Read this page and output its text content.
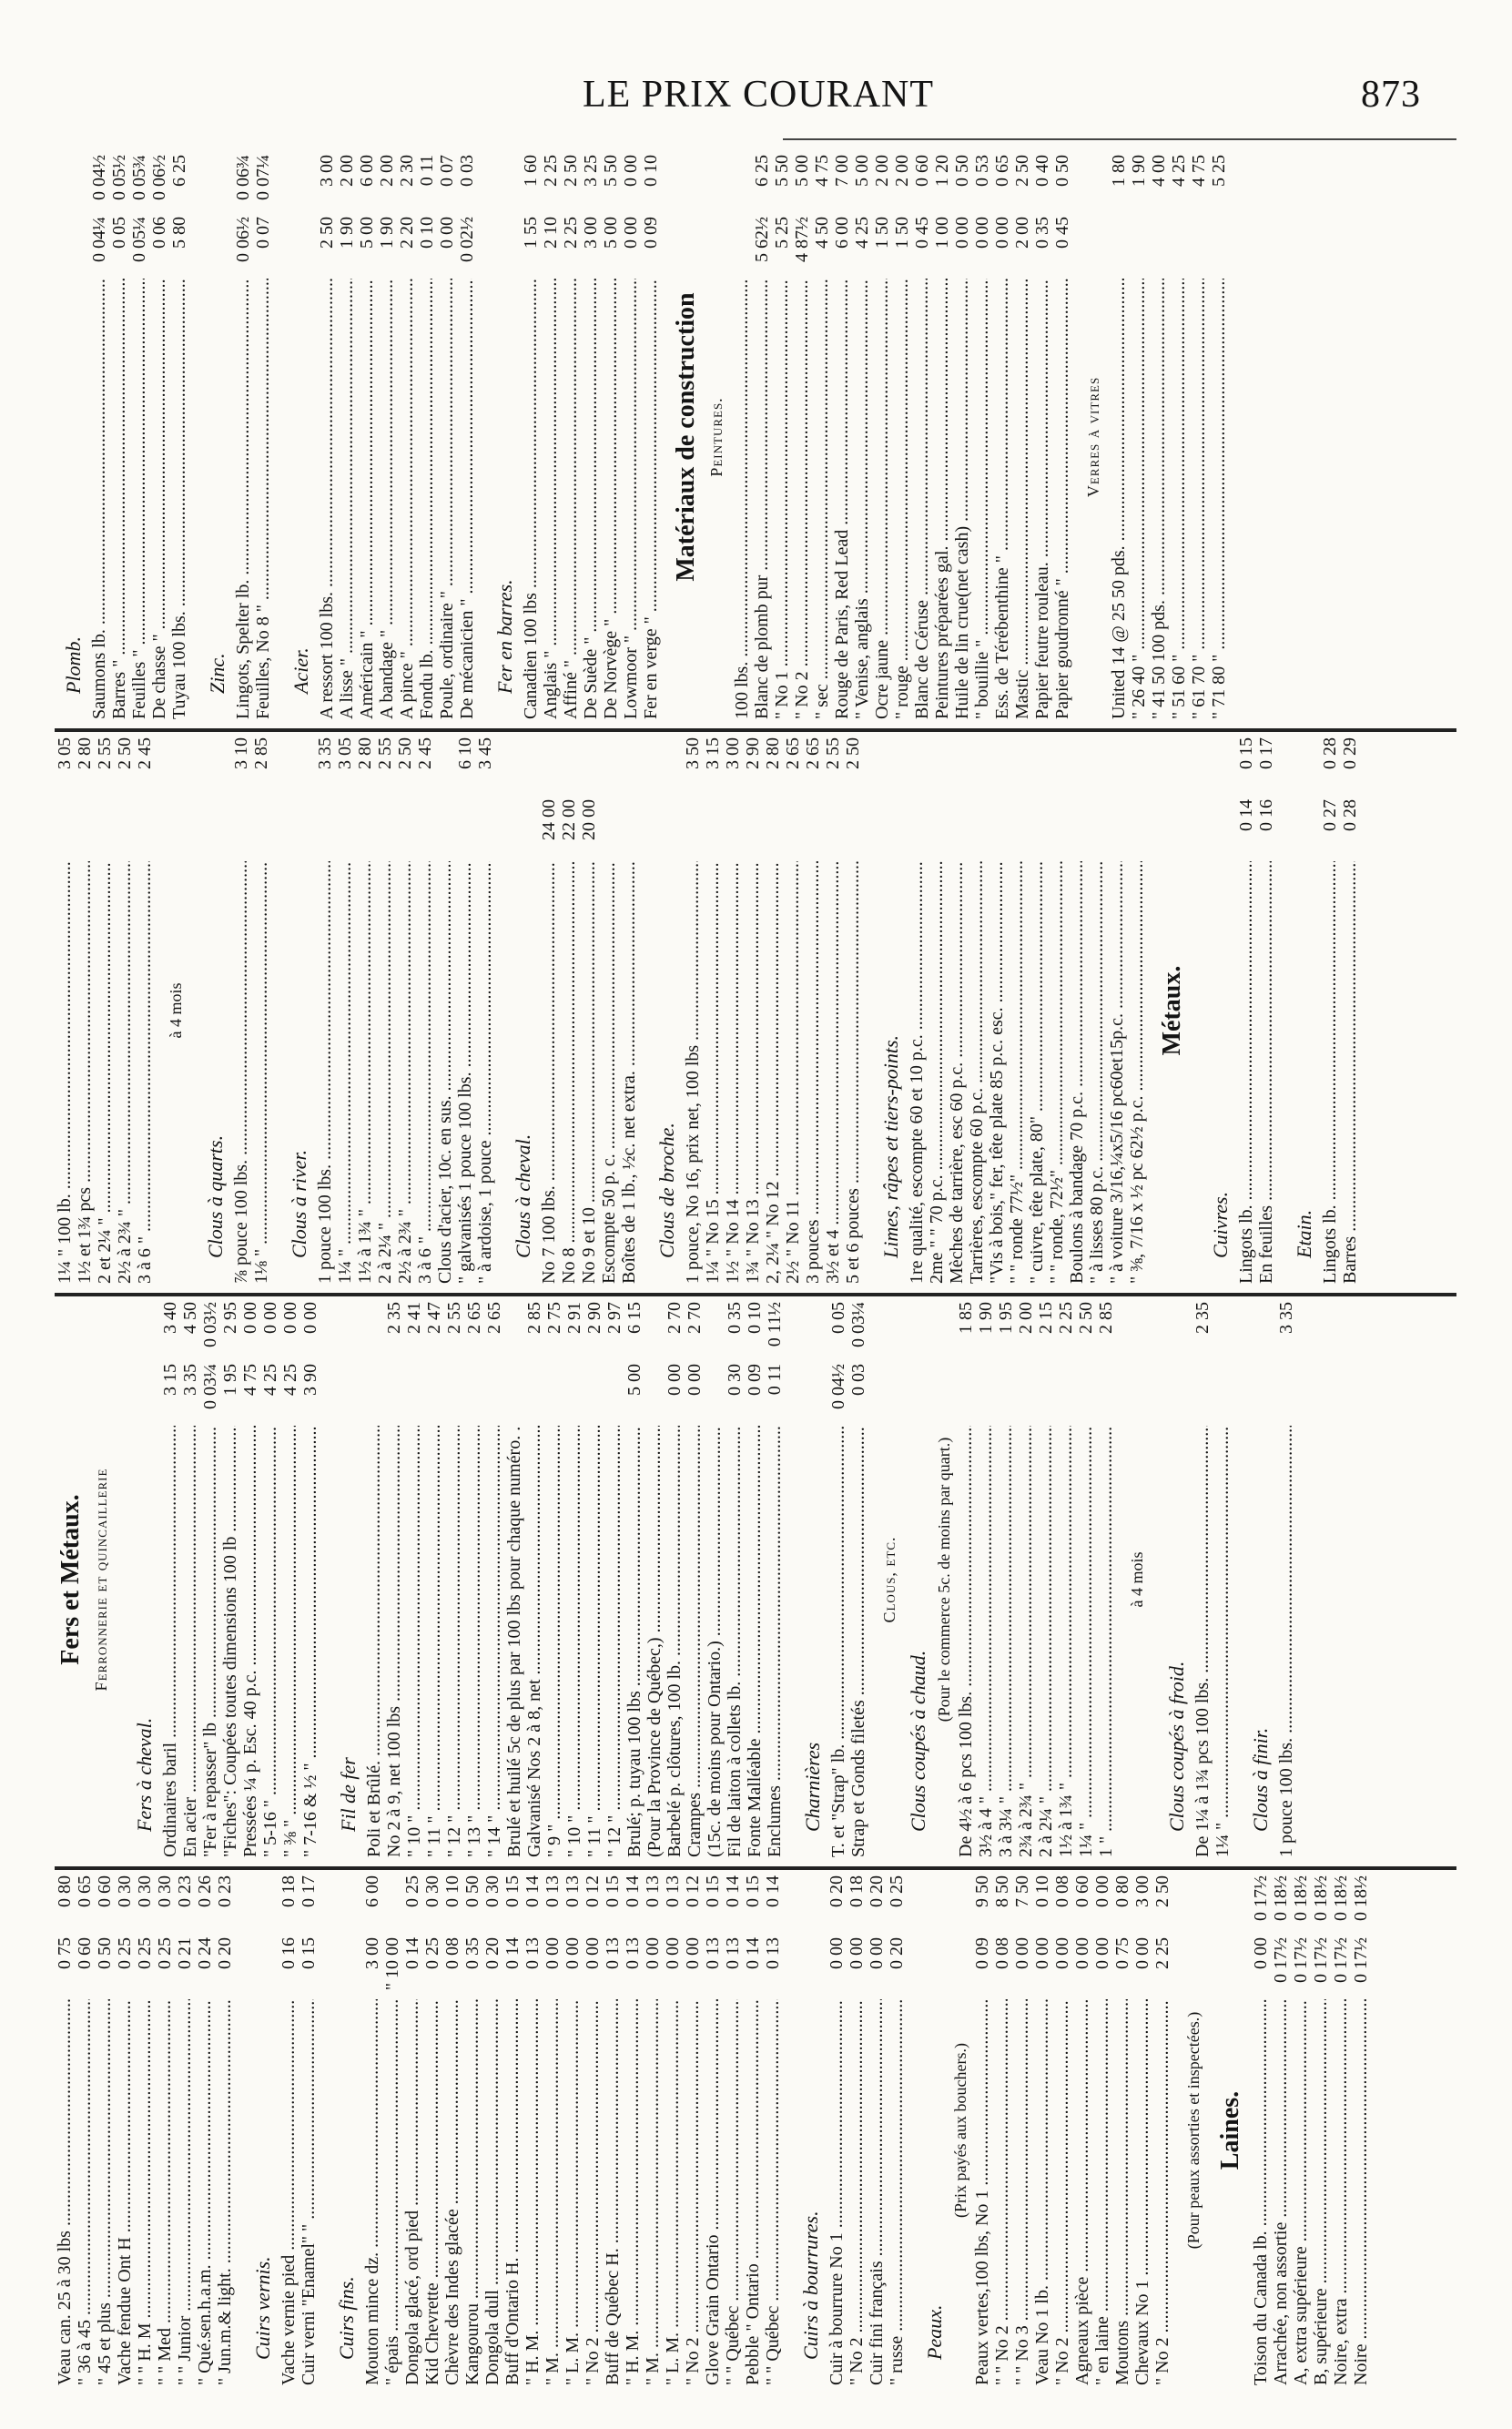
LE PRIX COURANT	873
Veau can. 25 à 30 lbs .....
0 75
0 80
" 36 à 45 .....
0 60
0 65
" 45 et plus .....
0 50
0 60
Vache fendue Ont H .....
0 25
0 30
" " H. M .....
0 25
0 30
" " Med .....
0 25
0 30
" " Junior .....
0 21
0 23
" Qué.sen.h.a.m. .....
0 24
0 26
" Jun.m.& light. .....
0 20
0 23
Cuirs vernis. Vache vernie pied .....
0 16
0 18
Cuir verni "Enamel" " .....
0 15
0 17
Cuirs fins. Mouton mince dz. .....
3 00
6 00
" épais .....
" 10 00
Dongola glacé, ord pied .....
0 14
0 25
Kid Chevrette .....
0 25
0 30
Chèvre des Indes glacée .....
0 08
0 10
Kangourou .....
0 35
0 50
Dongola dull .....
0 20
0 30
Buff d'Ontario H. .....
0 14
0 15
" H. M. .....
0 13
0 14
" M. .....
0 00
0 13
" L. M. .....
0 00
0 13
" No 2 .....
0 00
0 12
Buff de Québec H. .....
0 13
0 15
" H. M. .....
0 13
0 14
" M. .....
0 00
0 13
" L. M. .....
0 00
0 13
" No 2 .....
0 00
0 12
Glove Grain Ontario .....
0 13
0 15
" " Québec .....
0 13
0 14
Pebble " Ontario .....
0 14
0 15
" " Québec .....
0 13
0 14
Cuirs à bourrures. Cuir à bourrure No 1 .....
0 00
0 20
" No 2 .....
0 00
0 18
Cuir fini français .....
0 00
0 20
" russe .....
0 20
0 25
Peaux.
(Prix payés aux bouchers.)
Peaux vertes,100 lbs, No 1 .....
0 09
9 50
" " No 2 .....
0 08
8 50
" " No 3 .....
0 00
7 50
Veau No 1 lb. .....
0 00
0 10
" No 2 .....
0 00
0 08
Agneaux pièce .....
0 00
0 60
" en laine .....
0 00
0 00
Moutons .....
0 75
0 80
Chevaux No 1 .....
0 00
3 00
" No 2 .....
2 25
2 50
(Pour peaux assorties et inspectées.) Laines.
Toison du Canada lb. .....
0 00
0 17½
Arrachée, non assortie .....
0 17½
0 18½
A, extra supérieure .....
0 17½
0 18½
B, supérieure .....
0 17½
0 18½
Noire, extra .....
0 17½
0 18½
Noire .....
0 17½
0 18½
Fers et Métaux. Ferronnerie et quincaillerie
Fers à cheval. Ordinaires baril .....
3 15
3 40
En acier .....
3 35
4 50
"Fer à repasser" lb .....
0 03¼
0 03½
"Fiches": Coupées toutes dimensions 100 lb .....
1 95
2 95
Pressées ¼ p. Esc. 40 p.c. .....
4 75
0 00
" 5-16 " .....
4 25
0 00
" ⅜ " .....
4 25
0 00
" 7-16 & ½ " .....
3 90
0 00
Fil de fer Poli et Brûlé. ..... No 2 à 9, net 100 lbs .....
2 35
" 10 " .....
2 41
" 11 " .....
2 47
" 12 " .....
2 55
" 13 " .....
2 65
" 14 " .....
2 65
Brulé et huilé 5c de plus par 100 lbs pour chaque numéro. ..... Galvanisé Nos 2 à 8, net .....
2 85
" 9 " .....
2 75
" 10 " .....
2 91
" 11 " .....
2 90
" 12 " .....
2 97
Brulé; p. tuyau 100 lbs .....
5 00
6 15
(Pour la Province de Québec,) ..... Barbelé p. clôtures, 100 lb. .....
0 00
2 70
Crampes .....
0 00
2 70
(15c. de moins pour Ontario.) ..... Fil de laiton à collets lb. .....
0 30
0 35
Fonte Malléable .....
0 09
0 10
Enclumes .....
0 11
0 11½
Charnières T. et "Strap" lb. .....
0 04½
0 05
Strap et Gonds filetés .....
0 03
0 03¼
Clous, etc.
Clous coupés à chaud.
(Pour le commerce 5c. de moins par quart.)
De 4½ à 6 pcs 100 lbs. .....
1 85
3½ à 4 " .....
1 90
3 à 3¼ " .....
1 95
2¾ à 2¾ " .....
2 00
2 à 2¼ " .....
2 15
1½ à 1¾ " .....
2 25
1¼ " .....
2 50
1 " .....
2 85
à 4 mois
Clous coupés à froid. De 1¼ à 1¾ pcs 100 lbs. .....
2 35
1¼ " .....
Clous à finir. 1 pouce 100 lbs. .....
3 35
1¼ " 100 lb. .....
3 05
1½ et 1¾ pcs .....
2 80
2 et 2¼ " .....
2 55
2½ à 2¾ " .....
2 50
3 à 6 " .....
2 45
à 4 mois
Clous à quarts. ⅞ pouce 100 lbs. .....
3 10
1⅛ " .....
2 85
Clous à river. 1 pouce 100 lbs. .....
3 35
1¼ " .....
3 05
1½ à 1¾ " .....
2 80
2 à 2¼ " .....
2 55
2½ à 2¾ " .....
2 50
3 à 6 " .....
2 45
Clous d'acier, 10c. en sus. ..... " galvanisés 1 pouce 100 lbs. .....
6 10
" à ardoise, 1 pouce .....
3 45
Clous à cheval. No 7 100 lbs. .....
24 00
No 8 .....
22 00
No 9 et 10 .....
20 00
Escompte 50 p. c. ..... Boîtes de 1 lb., ½c. net extra. ..... Clous de broche. 1 pouce, No 16, prix net, 100 lbs .....
3 50
1¼ " No 15 .....
3 15
1½ " No 14 .....
3 00
1¾ " No 13 .....
2 90
2, 2¼ " No 12 .....
2 80
2½ " No 11 .....
2 65
3 pouces .....
2 65
3½ et 4 .....
2 55
5 et 6 pouces .....
2 50
Limes, râpes et tiers-points. 1re qualité, escompte 60 et 10 p.c. ..... 2me " " 70 p.c. ..... Mèches de tarrière, esc 60 p.c. ..... Tarrières, escompte 60 p.c. ..... "Vis à bois," fer, tête plate 85 p.c. esc. ..... " " ronde 77½" ..... " cuivre, tête plate, 80" ..... " " ronde, 72½" ..... Boulons à bandage 70 p.c. ..... " à lisses 80 p.c. ..... " à voiture 3/16,¼x5/16 pc60et15p.c. ..... " ⅜, 7/16 x ½ pc 62½ p.c. .....
Métaux.
Cuivres. Lingots lb. .....
0 14
0 15
En feuilles .....
0 16
0 17
Etain. Lingots lb. .....
0 27
0 28
Barres .....
0 28
0 29
Plomb. Saumons lb. .....
0 04¼
0 04½
Barres " .....
0 05
0 05½
Feuilles " .....
0 05¼
0 05¾
De chasse " .....
0 06
0 06½
Tuyau 100 lbs. .....
5 80
6 25
Zinc. Lingots, Spelter lb. .....
0 06½
0 06¾
Feuilles, No 8 " .....
0 07
0 07¼
Acier. A ressort 100 lbs. .....
2 50
3 00
A lisse " .....
1 90
2 00
Américain " .....
5 00
6 00
A bandage " .....
1 90
2 00
A pince " .....
2 20
2 30
Fondu lb. .....
0 10
0 11
Poule, ordinaire " .....
0 00
0 07
De mécanicien " .....
0 02½
0 03
Fer en barres. Canadien 100 lbs .....
1 55
1 60
Anglais " .....
2 10
2 25
Affiné " .....
2 25
2 50
De Suède " .....
3 00
3 25
De Norvège " .....
5 00
5 50
Lowmoor " .....
0 00
0 00
Fer en verge " .....
0 09
0 10
Matériaux de construction Peintures.
100 lbs. ..... Blanc de plomb pur .....
5 62½
6 25
" No 1 .....
5 25
5 50
" No 2 .....
4 87½
5 00
" sec .....
4 50
4 75
Rouge de Paris, Red Lead .....
6 00
7 00
" Venise, anglais .....
4 25
5 00
Ocre jaune .....
1 50
2 00
" rouge .....
1 50
2 00
Blanc de Céruse .....
0 45
0 60
Peintures préparées gal. .....
1 00
1 20
Huile de lin crue(net cash) .....
0 00
0 50
" bouillie " .....
0 00
0 53
Ess. de Térébenthine " .....
0 00
0 65
Mastic .....
2 00
2 50
Papier feutre rouleau. .....
0 35
0 40
Papier goudronné " .....
0 45
0 50
Verres à vitres
United 14 @ 25 50 pds. .....
1 80
" 26 40 " .....
1 90
" 41 50 100 pds. .....
4 00
" 51 60 " .....
4 25
" 61 70 " .....
4 75
" 71 80 " .....
5 25
